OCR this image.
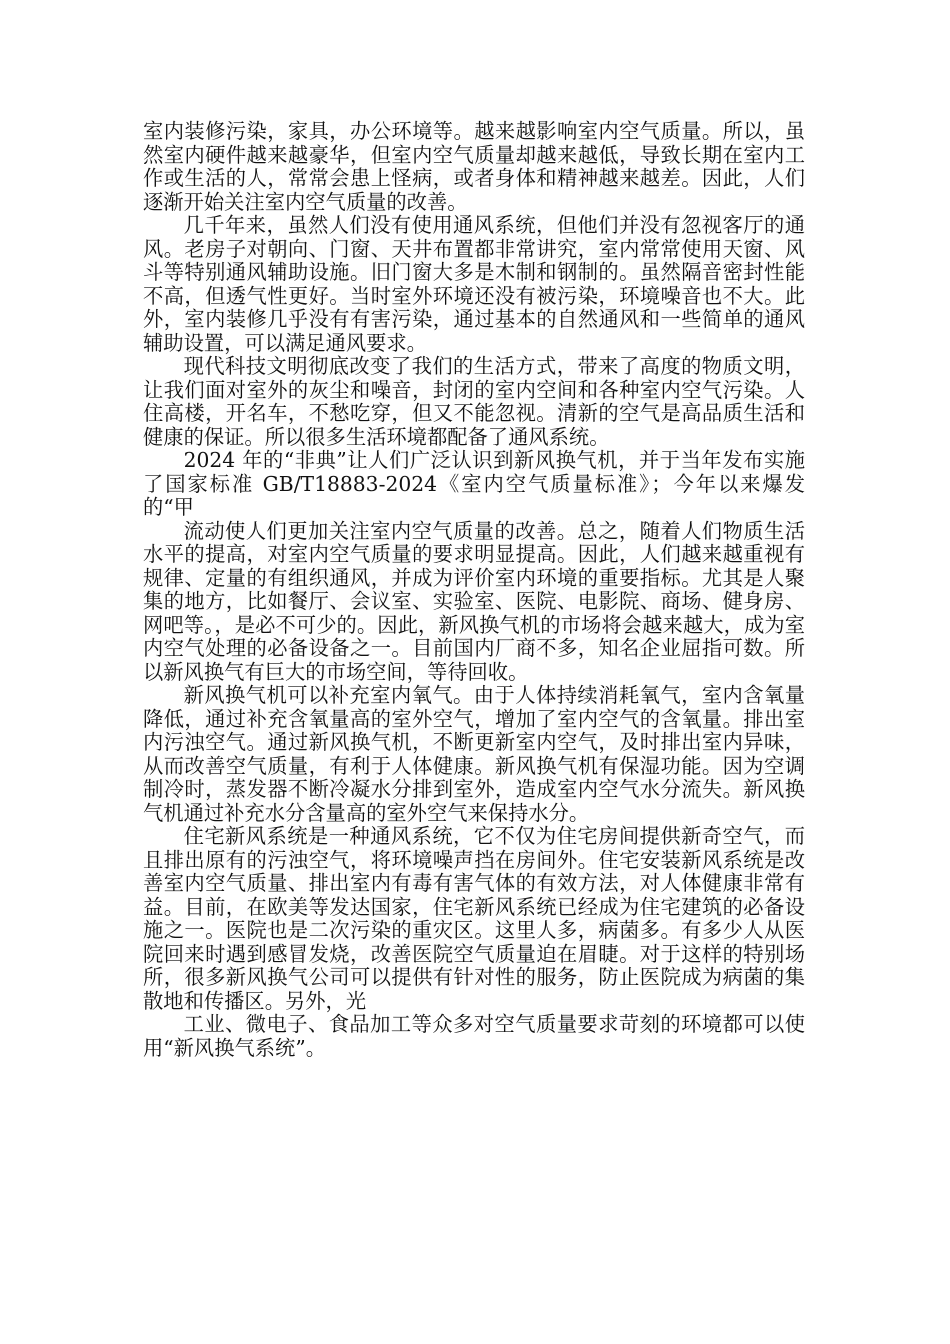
室内装修污染，家具，办公环境等。越来越影响室内空气质量。所以，虽然室内硬件越来越豪华，但室内空气质量却越来越低，导致长期在室内工作或生活的人，常常会患上怪病，或者身体和精神越来越差。因此，人们逐渐开始关注室内空气质量的改善。

几千年来，虽然人们没有使用通风系统，但他们并没有忽视客厅的通风。老房子对朝向、门窗、天井布置都非常讲究，室内常常使用天窗、风斗等特别通风辅助设施。旧门窗大多是木制和钢制的。虽然隔音密封性能不高，但透气性更好。当时室外环境还没有被污染，环境噪音也不大。此外，室内装修几乎没有有害污染，通过基本的自然通风和一些简单的通风辅助设置，可以满足通风要求。

现代科技文明彻底改变了我们的生活方式，带来了高度的物质文明，让我们面对室外的灰尘和噪音，封闭的室内空间和各种室内空气污染。人住高楼，开名车，不愁吃穿，但又不能忽视。清新的空气是高品质生活和健康的保证。所以很多生活环境都配备了通风系统。

2024 年的“非典”让人们广泛认识到新风换气机，并于当年发布实施了国家标准 GB/T18883-2024《室内空气质量标准》；今年以来爆发的“甲

流动使人们更加关注室内空气质量的改善。总之，随着人们物质生活水平的提高，对室内空气质量的要求明显提高。因此，人们越来越重视有规律、定量的有组织通风，并成为评价室内环境的重要指标。尤其是人聚集的地方，比如餐厅、会议室、实验室、医院、电影院、商场、健身房、网吧等。，是必不可少的。因此，新风换气机的市场将会越来越大，成为室内空气处理的必备设备之一。目前国内厂商不多，知名企业屈指可数。所以新风换气有巨大的市场空间，等待回收。

新风换气机可以补充室内氧气。由于人体持续消耗氧气，室内含氧量降低，通过补充含氧量高的室外空气，增加了室内空气的含氧量。排出室内污浊空气。通过新风换气机，不断更新室内空气，及时排出室内异味，从而改善空气质量，有利于人体健康。新风换气机有保湿功能。因为空调制冷时，蒸发器不断冷凝水分排到室外，造成室内空气水分流失。新风换气机通过补充水分含量高的室外空气来保持水分。

住宅新风系统是一种通风系统，它不仅为住宅房间提供新奇空气，而且排出原有的污浊空气，将环境噪声挡在房间外。住宅安装新风系统是改善室内空气质量、排出室内有毒有害气体的有效方法，对人体健康非常有益。目前，在欧美等发达国家，住宅新风系统已经成为住宅建筑的必备设施之一。医院也是二次污染的重灾区。这里人多，病菌多。有多少人从医院回来时遇到感冒发烧，改善医院空气质量迫在眉睫。对于这样的特别场所，很多新风换气公司可以提供有针对性的服务，防止医院成为病菌的集散地和传播区。另外，光

工业、微电子、食品加工等众多对空气质量要求苛刻的环境都可以使用“新风换气系统”。
